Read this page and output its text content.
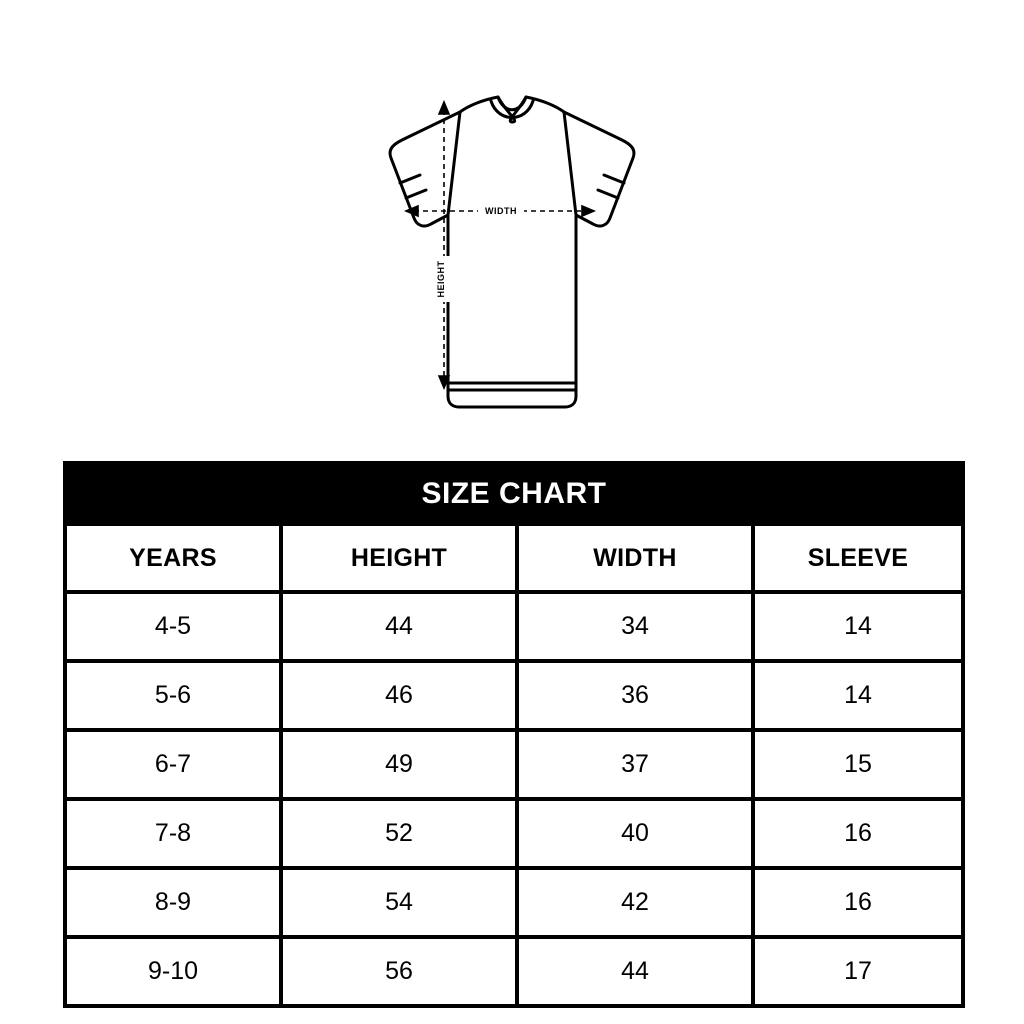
WIDTH
HEIGHT
SIZE CHART			
YEARS	HEIGHT	WIDTH	SLEEVE
4-5	44	34	14
5-6	46	36	14
6-7	49	37	15
7-8	52	40	16
8-9	54	42	16
9-10	56	44	17
